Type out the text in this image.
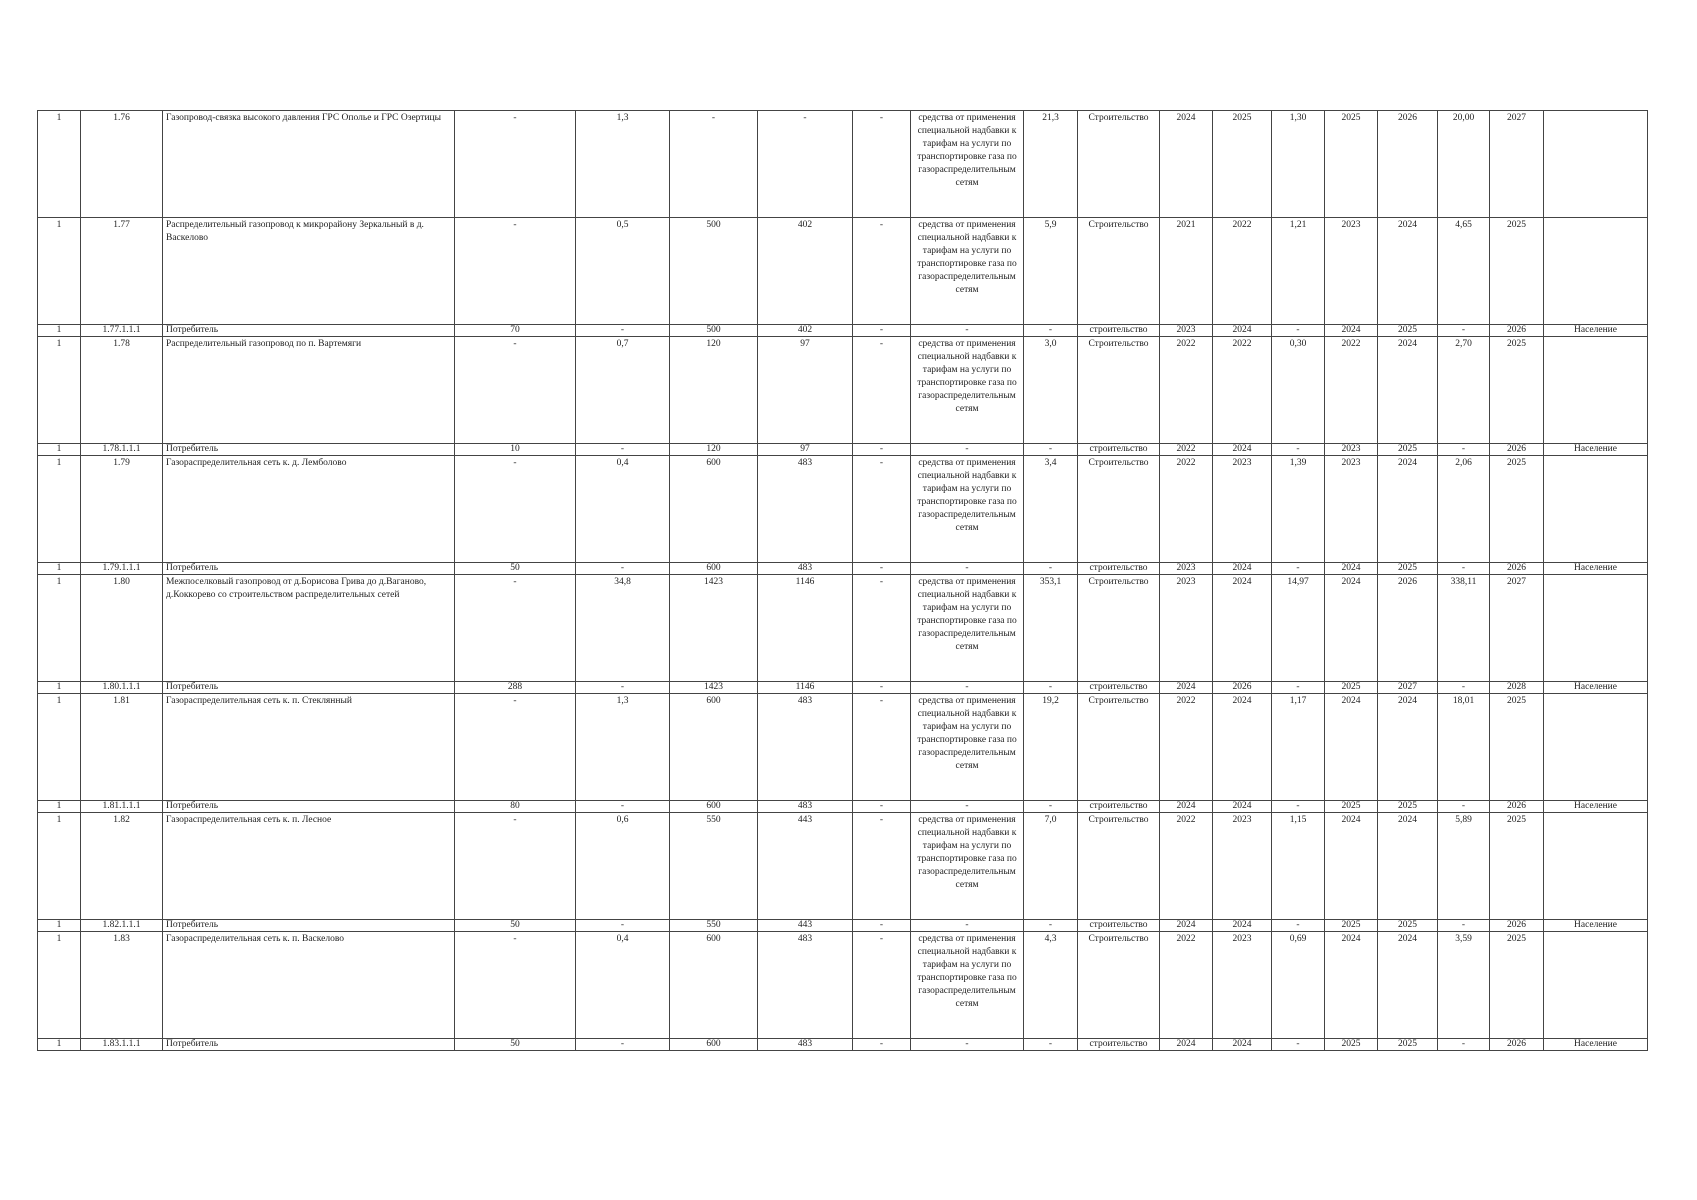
1	1.76	Газопровод-связка высокого давления ГРС Ополье и ГРС Озертицы	-	1,3	-	-	-	средства от применения специальной надбавки к тарифам на услуги по транспортировке газа по газораспределительным сетям	21,3	Строительство	2024	2025	1,30	2025	2026	20,00	2027	
1	1.77	Распределительный газопровод к микрорайону Зеркальный в д. Васкелово	-	0,5	500	402	-	средства от применения специальной надбавки к тарифам на услуги по транспортировке газа по газораспределительным сетям	5,9	Строительство	2021	2022	1,21	2023	2024	4,65	2025	
1	1.77.1.1.1	Потребитель	70	-	500	402	-	-	-	строительство	2023	2024	-	2024	2025	-	2026	Население
1	1.78	Распределительный газопровод по п. Вартемяги	-	0,7	120	97	-	средства от применения специальной надбавки к тарифам на услуги по транспортировке газа по газораспределительным сетям	3,0	Строительство	2022	2022	0,30	2022	2024	2,70	2025	
1	1.78.1.1.1	Потребитель	10	-	120	97	-	-	-	строительство	2022	2024	-	2023	2025	-	2026	Население
1	1.79	Газораспределительная сеть к. д. Лемболово	-	0,4	600	483	-	средства от применения специальной надбавки к тарифам на услуги по транспортировке газа по газораспределительным сетям	3,4	Строительство	2022	2023	1,39	2023	2024	2,06	2025	
1	1.79.1.1.1	Потребитель	50	-	600	483	-	-	-	строительство	2023	2024	-	2024	2025	-	2026	Население
1	1.80	Межпоселковый газопровод от д.Борисова Грива до д.Ваганово, д.Коккорево со строительством распределительных сетей	-	34,8	1423	1146	-	средства от применения специальной надбавки к тарифам на услуги по транспортировке газа по газораспределительным сетям	353,1	Строительство	2023	2024	14,97	2024	2026	338,11	2027	
1	1.80.1.1.1	Потребитель	288	-	1423	1146	-	-	-	строительство	2024	2026	-	2025	2027	-	2028	Население
1	1.81	Газораспределительная сеть к. п. Стеклянный	-	1,3	600	483	-	средства от применения специальной надбавки к тарифам на услуги по транспортировке газа по газораспределительным сетям	19,2	Строительство	2022	2024	1,17	2024	2024	18,01	2025	
1	1.81.1.1.1	Потребитель	80	-	600	483	-	-	-	строительство	2024	2024	-	2025	2025	-	2026	Население
1	1.82	Газораспределительная сеть к. п. Лесное	-	0,6	550	443	-	средства от применения специальной надбавки к тарифам на услуги по транспортировке газа по газораспределительным сетям	7,0	Строительство	2022	2023	1,15	2024	2024	5,89	2025	
1	1.82.1.1.1	Потребитель	50	-	550	443	-	-	-	строительство	2024	2024	-	2025	2025	-	2026	Население
1	1.83	Газораспределительная сеть к. п. Васкелово	-	0,4	600	483	-	средства от применения специальной надбавки к тарифам на услуги по транспортировке газа по газораспределительным сетям	4,3	Строительство	2022	2023	0,69	2024	2024	3,59	2025	
1	1.83.1.1.1	Потребитель	50	-	600	483	-	-	-	строительство	2024	2024	-	2025	2025	-	2026	Население
